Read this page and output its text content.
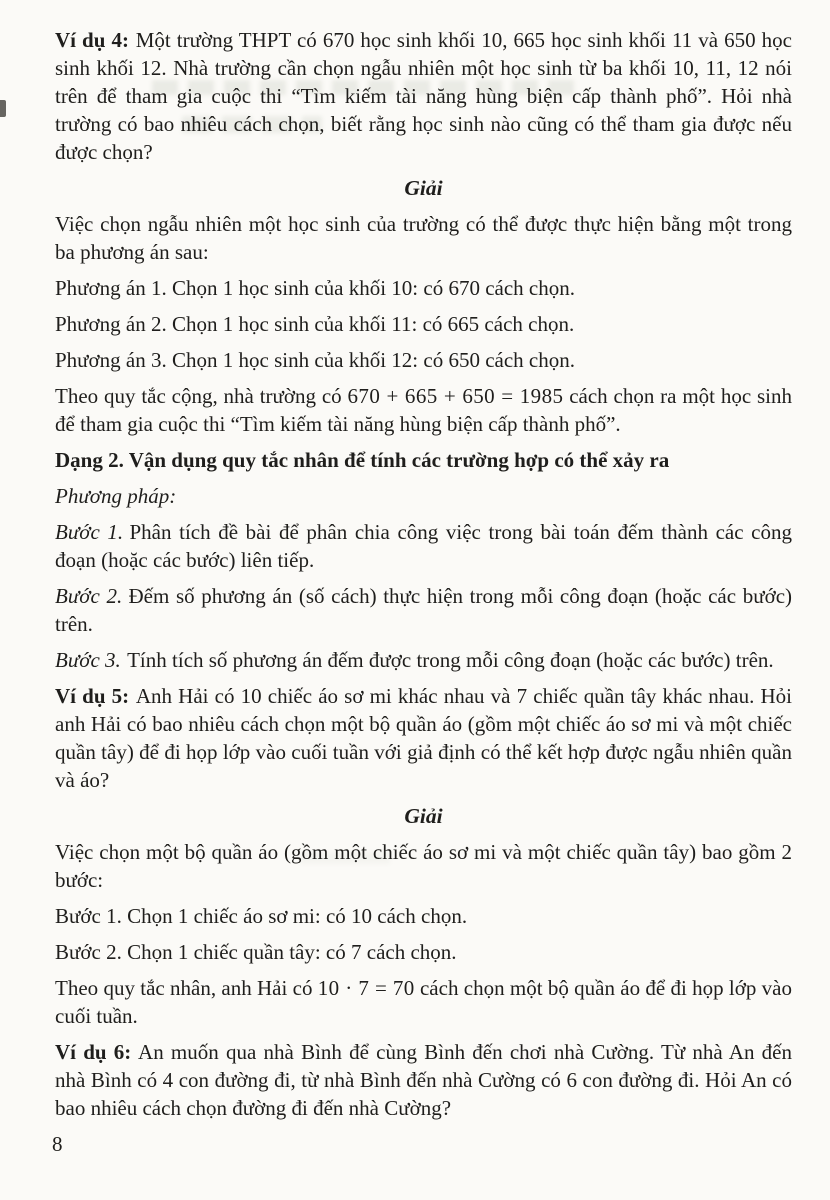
Ví dụ 4: Một trường THPT có 670 học sinh khối 10, 665 học sinh khối 11 và 650 học sinh khối 12. Nhà trường cần chọn ngẫu nhiên một học sinh từ ba khối 10, 11, 12 nói trên để tham gia cuộc thi “Tìm kiếm tài năng hùng biện cấp thành phố”. Hỏi nhà trường có bao nhiêu cách chọn, biết rằng học sinh nào cũng có thể tham gia được nếu được chọn?

Giải

Việc chọn ngẫu nhiên một học sinh của trường có thể được thực hiện bằng một trong ba phương án sau:

Phương án 1. Chọn 1 học sinh của khối 10: có 670 cách chọn.

Phương án 2. Chọn 1 học sinh của khối 11: có 665 cách chọn.

Phương án 3. Chọn 1 học sinh của khối 12: có 650 cách chọn.

Theo quy tắc cộng, nhà trường có 670 + 665 + 650 = 1985 cách chọn ra một học sinh để tham gia cuộc thi “Tìm kiếm tài năng hùng biện cấp thành phố”.

Dạng 2. Vận dụng quy tắc nhân để tính các trường hợp có thể xảy ra

Phương pháp:

Bước 1. Phân tích đề bài để phân chia công việc trong bài toán đếm thành các công đoạn (hoặc các bước) liên tiếp.

Bước 2. Đếm số phương án (số cách) thực hiện trong mỗi công đoạn (hoặc các bước) trên.

Bước 3. Tính tích số phương án đếm được trong mỗi công đoạn (hoặc các bước) trên.

Ví dụ 5: Anh Hải có 10 chiếc áo sơ mi khác nhau và 7 chiếc quần tây khác nhau. Hỏi anh Hải có bao nhiêu cách chọn một bộ quần áo (gồm một chiếc áo sơ mi và một chiếc quần tây) để đi họp lớp vào cuối tuần với giả định có thể kết hợp được ngẫu nhiên quần và áo?

Giải

Việc chọn một bộ quần áo (gồm một chiếc áo sơ mi và một chiếc quần tây) bao gồm 2 bước:

Bước 1. Chọn 1 chiếc áo sơ mi: có 10 cách chọn.

Bước 2. Chọn 1 chiếc quần tây: có 7 cách chọn.

Theo quy tắc nhân, anh Hải có 10 · 7 = 70 cách chọn một bộ quần áo để đi họp lớp vào cuối tuần.

Ví dụ 6: An muốn qua nhà Bình để cùng Bình đến chơi nhà Cường. Từ nhà An đến nhà Bình có 4 con đường đi, từ nhà Bình đến nhà Cường có 6 con đường đi. Hỏi An có bao nhiêu cách chọn đường đi đến nhà Cường?

8
